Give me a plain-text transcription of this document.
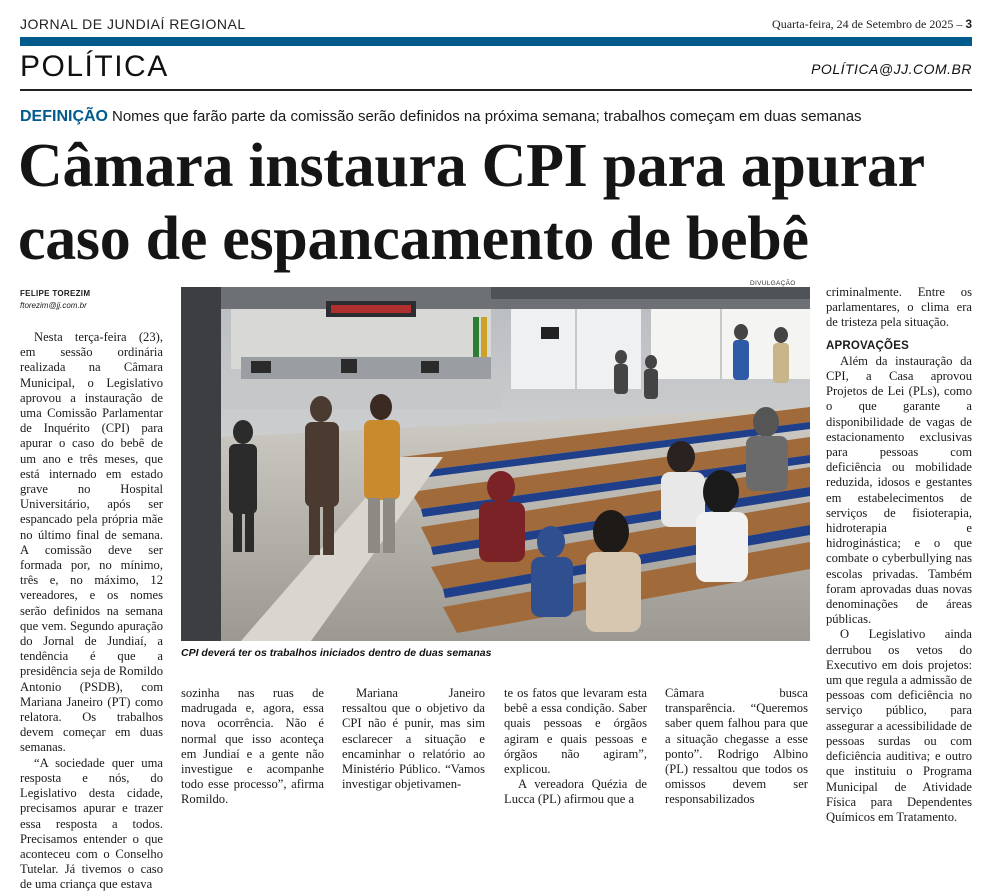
JORNAL DE JUNDIAÍ REGIONAL	Quarta-feira, 24 de Setembro de 2025 – 3
POLÍTICA	POLÍTICA@JJ.COM.BR
DEFINIÇÃO Nomes que farão parte da comissão serão definidos na próxima semana; trabalhos começam em duas semanas
Câmara instaura CPI para apurar
caso de espancamento de bebê
FELIPE TOREZIM
ftorezim@jj.com.br

Nesta terça-feira (23), em sessão ordinária realizada na Câmara Municipal, o Legislativo aprovou a instauração de uma Comissão Parlamentar de Inquérito (CPI) para apurar o caso do bebê de um ano e três meses, que está internado em estado grave no Hospital Universitário, após ser espancado pela própria mãe no último final de semana. A comissão deve ser formada por, no mínimo, três e, no máximo, 12 vereadores, e os nomes serão definidos na semana que vem. Segundo apuração do Jornal de Jundiaí, a tendência é que a presidência seja de Romildo Antonio (PSDB), com Mariana Janeiro (PT) como relatora. Os trabalhos devem começar em duas semanas.

“A sociedade quer uma resposta e nós, do Legislativo desta cidade, precisamos apurar e trazer essa resposta a todos. Precisamos entender o que aconteceu com o Conselho Tutelar. Já tivemos o caso de uma criança que estava

DIVULGAÇÃO
CPI deverá ter os trabalhos iniciados dentro de duas semanas

sozinha nas ruas de madrugada e, agora, essa nova ocorrência. Não é normal que isso aconteça em Jundiaí e a gente não investigue e acompanhe todo esse processo”, afirma Romildo.

Mariana Janeiro ressaltou que o objetivo da CPI não é punir, mas sim esclarecer a situação e encaminhar o relatório ao Ministério Público. “Vamos investigar objetivamen-

te os fatos que levaram esta bebê a essa condição. Saber quais pessoas e órgãos agiram e quais pessoas e órgãos não agiram”, explicou.

A vereadora Quézia de Lucca (PL) afirmou que a

Câmara busca transparência. “Queremos saber quem falhou para que a situação chegasse a esse ponto”. Rodrigo Albino (PL) ressaltou que todos os omissos devem ser responsabilizados

criminalmente. Entre os parlamentares, o clima era de tristeza pela situação.

APROVAÇÕES

Além da instauração da CPI, a Casa aprovou Projetos de Lei (PLs), como o que garante a disponibilidade de vagas de estacionamento exclusivas para pessoas com deficiência ou mobilidade reduzida, idosos e gestantes em estabelecimentos de serviços de fisioterapia, hidroterapia e hidroginástica; e o que combate o cyberbullying nas escolas privadas. Também foram aprovadas duas novas denominações de áreas públicas.

O Legislativo ainda derrubou os vetos do Executivo em dois projetos: um que regula a admissão de pessoas com deficiência no serviço público, para assegurar a acessibilidade de pessoas surdas ou com deficiência auditiva; e outro que instituiu o Programa Municipal de Atividade Física para Dependentes Químicos em Tratamento.
